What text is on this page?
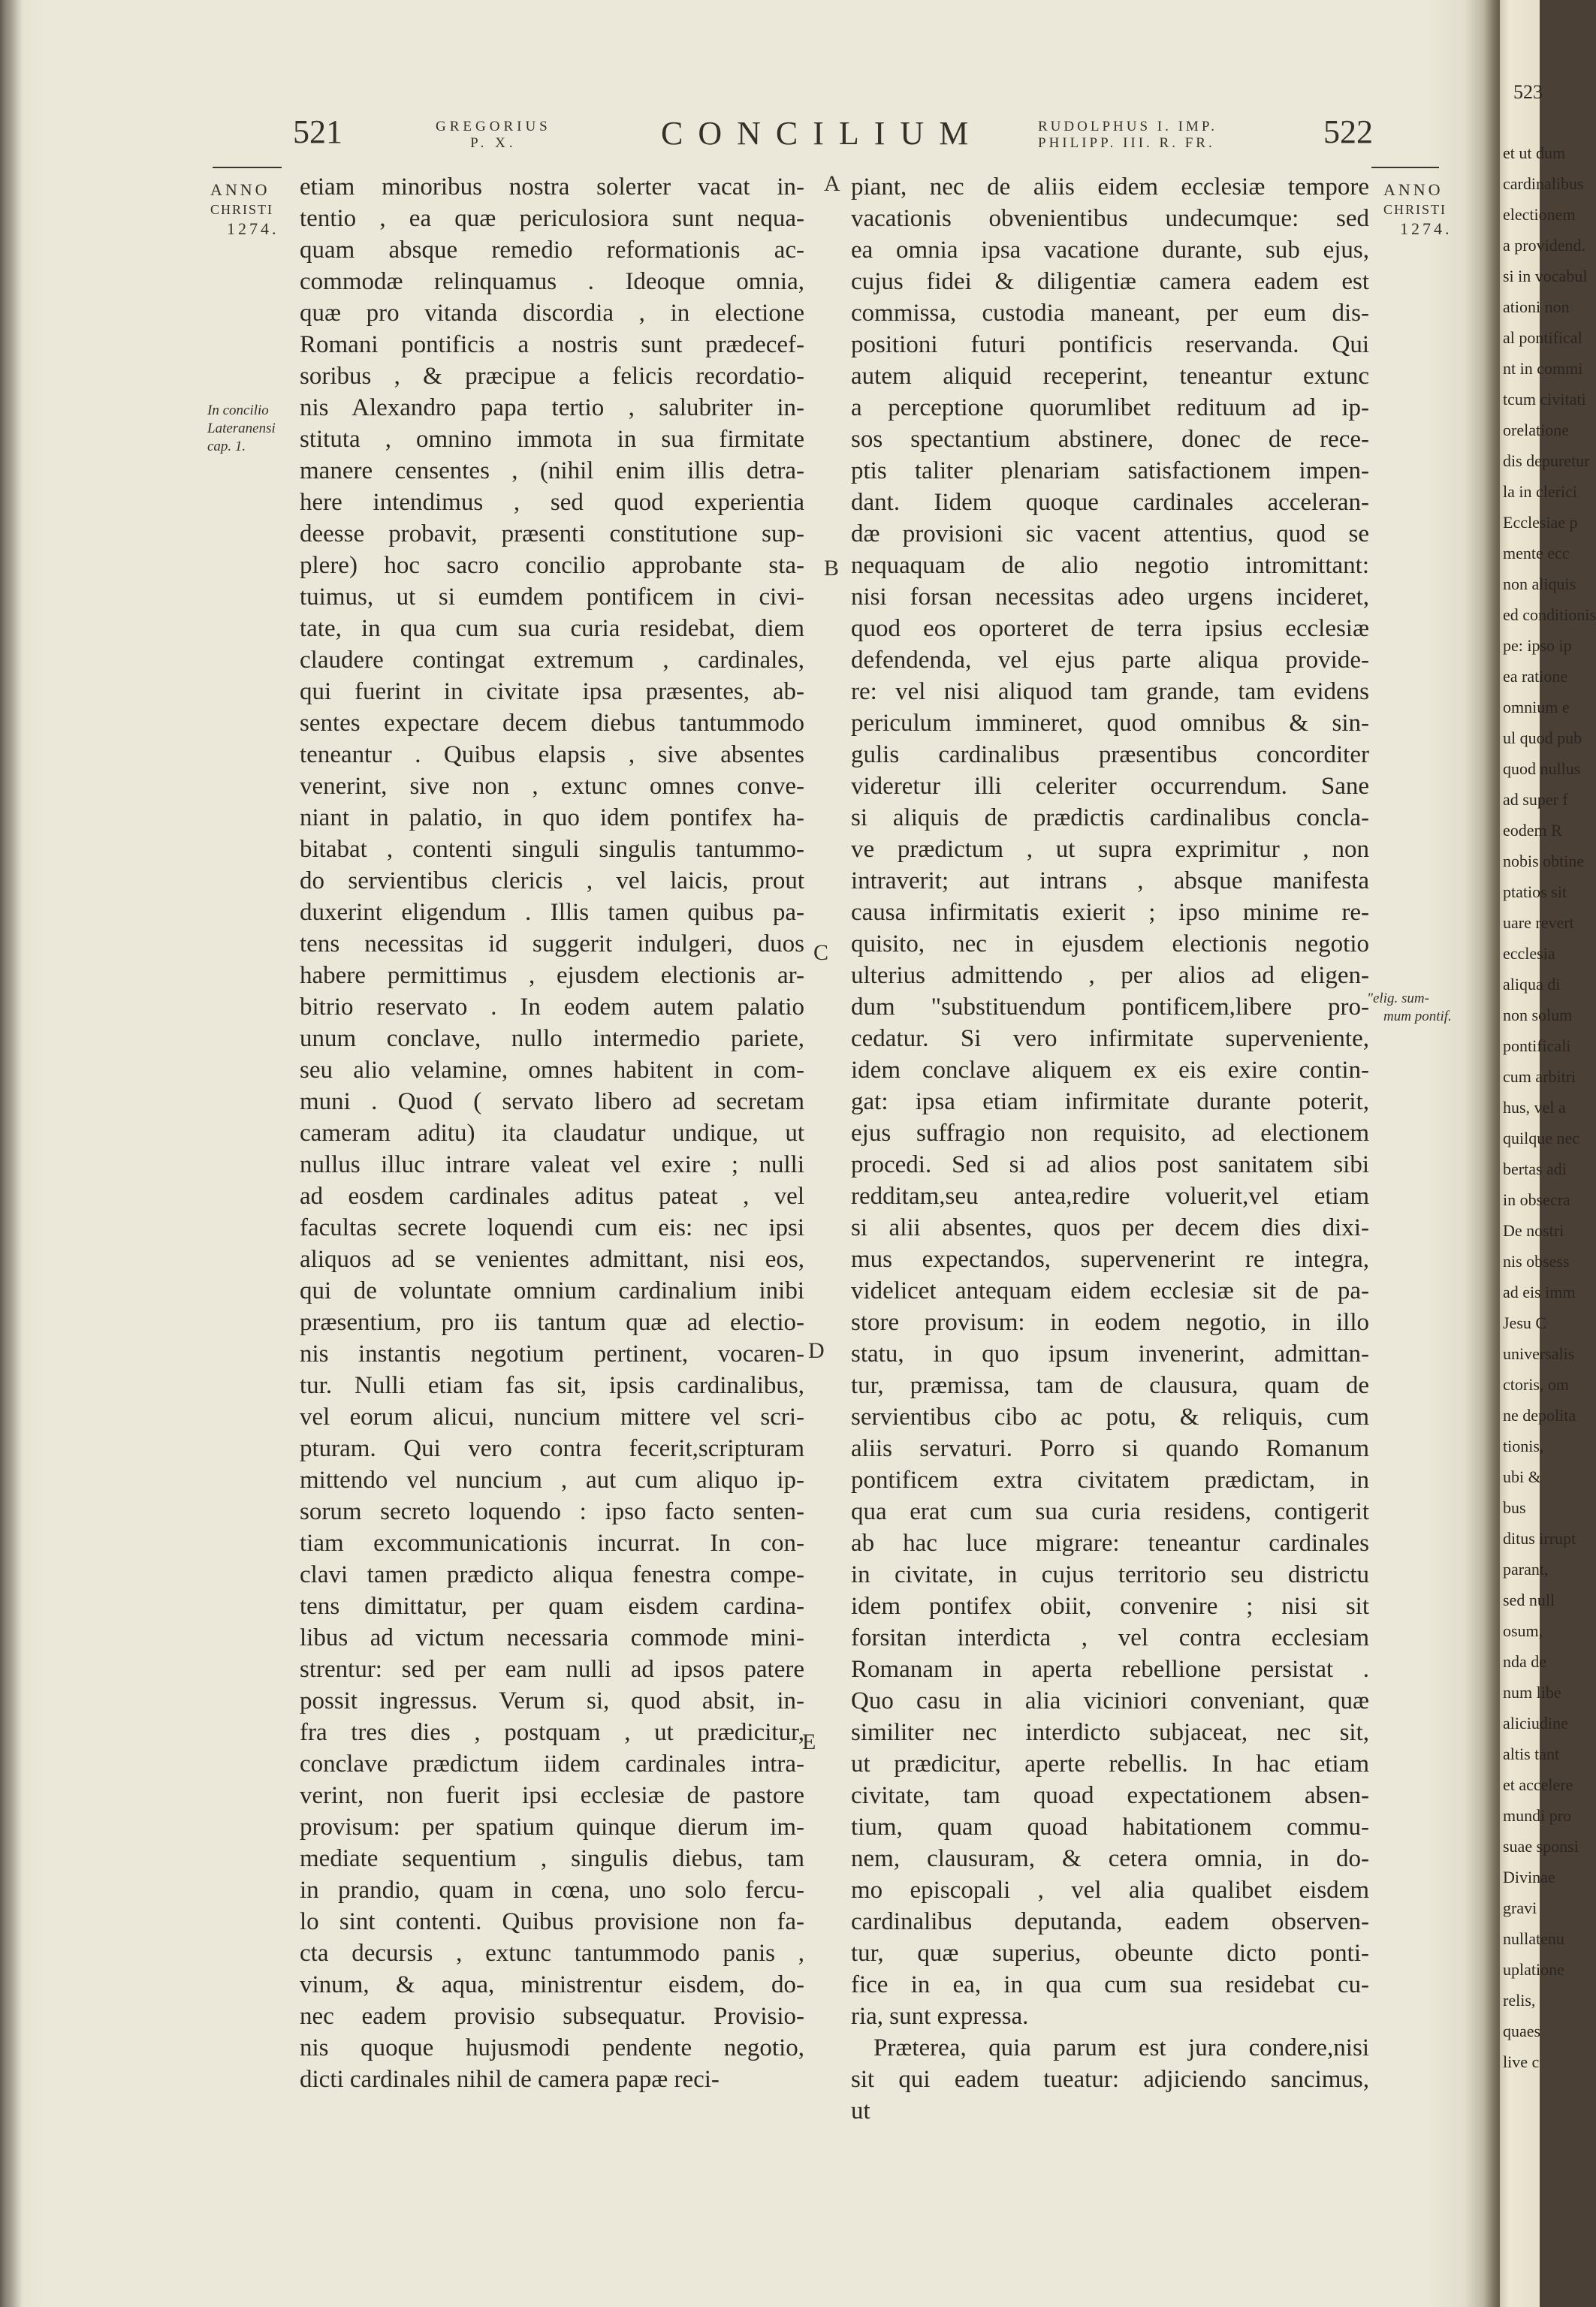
521	GREGORIUS
P. X.	CONCILIUM	RUDOLPHUS I. IMP.
PHILIPP. III. R. FR.	522
ANNO
CHRISTI
1274.
In concilio
Lateranensi
cap. 1.
ANNO
CHRISTI
1274.
"elig. sum-
mum pontif.
A
B
C
D
E
etiam minoribus nostra solerter vacat in-
tentio , ea quæ periculosiora sunt nequa-
quam absque remedio reformationis ac-
commodæ relinquamus . Ideoque omnia,
quæ pro vitanda discordia , in electione
Romani pontificis a nostris sunt prædecef-
soribus , & præcipue a felicis recordatio-
nis Alexandro papa tertio , salubriter in-
stituta , omnino immota in sua firmitate
manere censentes , (nihil enim illis detra-
here intendimus , sed quod experientia
deesse probavit, præsenti constitutione sup-
plere) hoc sacro concilio approbante sta-
tuimus, ut si eumdem pontificem in civi-
tate, in qua cum sua curia residebat, diem
claudere contingat extremum , cardinales,
qui fuerint in civitate ipsa præsentes, ab-
sentes expectare decem diebus tantummodo
teneantur . Quibus elapsis , sive absentes
venerint, sive non , extunc omnes conve-
niant in palatio, in quo idem pontifex ha-
bitabat , contenti singuli singulis tantummo-
do servientibus clericis , vel laicis, prout
duxerint eligendum . Illis tamen quibus pa-
tens necessitas id suggerit indulgeri, duos
habere permittimus , ejusdem electionis ar-
bitrio reservato . In eodem autem palatio
unum conclave, nullo intermedio pariete,
seu alio velamine, omnes habitent in com-
muni . Quod ( servato libero ad secretam
cameram aditu) ita claudatur undique, ut
nullus illuc intrare valeat vel exire ; nulli
ad eosdem cardinales aditus pateat , vel
facultas secrete loquendi cum eis: nec ipsi
aliquos ad se venientes admittant, nisi eos,
qui de voluntate omnium cardinalium inibi
præsentium, pro iis tantum quæ ad electio-
nis instantis negotium pertinent, vocaren-
tur. Nulli etiam fas sit, ipsis cardinalibus,
vel eorum alicui, nuncium mittere vel scri-
pturam. Qui vero contra fecerit,scripturam
mittendo vel nuncium , aut cum aliquo ip-
sorum secreto loquendo : ipso facto senten-
tiam excommunicationis incurrat. In con-
clavi tamen prædicto aliqua fenestra compe-
tens dimittatur, per quam eisdem cardina-
libus ad victum necessaria commode mini-
strentur: sed per eam nulli ad ipsos patere
possit ingressus. Verum si, quod absit, in-
fra tres dies , postquam , ut prædicitur,
conclave prædictum iidem cardinales intra-
verint, non fuerit ipsi ecclesiæ de pastore
provisum: per spatium quinque dierum im-
mediate sequentium , singulis diebus, tam
in prandio, quam in cœna, uno solo fercu-
lo sint contenti. Quibus provisione non fa-
cta decursis , extunc tantummodo panis ,
vinum, & aqua, ministrentur eisdem, do-
nec eadem provisio subsequatur. Provisio-
nis quoque hujusmodi pendente negotio,
dicti cardinales nihil de camera papæ reci-
piant, nec de aliis eidem ecclesiæ tempore
vacationis obvenientibus undecumque: sed
ea omnia ipsa vacatione durante, sub ejus,
cujus fidei & diligentiæ camera eadem est
commissa, custodia maneant, per eum dis-
positioni futuri pontificis reservanda. Qui
autem aliquid receperint, teneantur extunc
a perceptione quorumlibet redituum ad ip-
sos spectantium abstinere, donec de rece-
ptis taliter plenariam satisfactionem impen-
dant. Iidem quoque cardinales acceleran-
dæ provisioni sic vacent attentius, quod se
nequaquam de alio negotio intromittant:
nisi forsan necessitas adeo urgens incideret,
quod eos oporteret de terra ipsius ecclesiæ
defendenda, vel ejus parte aliqua provide-
re: vel nisi aliquod tam grande, tam evidens
periculum immineret, quod omnibus & sin-
gulis cardinalibus præsentibus concorditer
videretur illi celeriter occurrendum. Sane
si aliquis de prædictis cardinalibus concla-
ve prædictum , ut supra exprimitur , non
intraverit; aut intrans , absque manifesta
causa infirmitatis exierit ; ipso minime re-
quisito, nec in ejusdem electionis negotio
ulterius admittendo , per alios ad eligen-
dum "substituendum pontificem,libere pro-
cedatur. Si vero infirmitate superveniente,
idem conclave aliquem ex eis exire contin-
gat: ipsa etiam infirmitate durante poterit,
ejus suffragio non requisito, ad electionem
procedi. Sed si ad alios post sanitatem sibi
redditam,seu antea,redire voluerit,vel etiam
si alii absentes, quos per decem dies dixi-
mus expectandos, supervenerint re integra,
videlicet antequam eidem ecclesiæ sit de pa-
store provisum: in eodem negotio, in illo
statu, in quo ipsum invenerint, admittan-
tur, præmissa, tam de clausura, quam de
servientibus cibo ac potu, & reliquis, cum
aliis servaturi. Porro si quando Romanum
pontificem extra civitatem prædictam, in
qua erat cum sua curia residens, contigerit
ab hac luce migrare: teneantur cardinales
in civitate, in cujus territorio seu districtu
idem pontifex obiit, convenire ; nisi sit
forsitan interdicta , vel contra ecclesiam
Romanam in aperta rebellione persistat .
Quo casu in alia viciniori conveniant, quæ
similiter nec interdicto subjaceat, nec sit,
ut prædicitur, aperte rebellis. In hac etiam
civitate, tam quoad expectationem absen-
tium, quam quoad habitationem commu-
nem, clausuram, & cetera omnia, in do-
mo episcopali , vel alia qualibet eisdem
cardinalibus deputanda, eadem observen-
tur, quæ superius, obeunte dicto ponti-
fice in ea, in qua cum sua residebat cu-
ria, sunt expressa.
Præterea, quia parum est jura condere,nisi
sit qui eadem tueatur: adjiciendo sancimus,
ut
523
et ut dum
cardinalibus
electionem
a providend.
si in vocabul
ationi non
al pontifical
nt in commi
tcum civitati
orelatione
dis depuretur
la in clerici
Ecclesiae p
mente ecc
non aliquis
ed conditionis
pe: ipso ip
ea ratione
omnium e
ul quod pub
quod nullus
ad super f
eodem R
nobis obtine
ptatios sit
uare revert
ecclesia
aliqua di
non solum
pontificali
cum arbitri
hus, vel a
quilque nec
bertas adi
in obsecra
De nostri
nis obsess
ad eis imm
Jesu C
universalis
ctoris, om
ne depolita
tionis,
ubi &
bus
ditus irrupt
parant,
sed null
osum,
nda de
num libe
aliciudine
altis tant
et accelere
mundi pro
suae sponsi
Divinae
gravi
nullatenu
uplatione
relis,
quaes
live c
